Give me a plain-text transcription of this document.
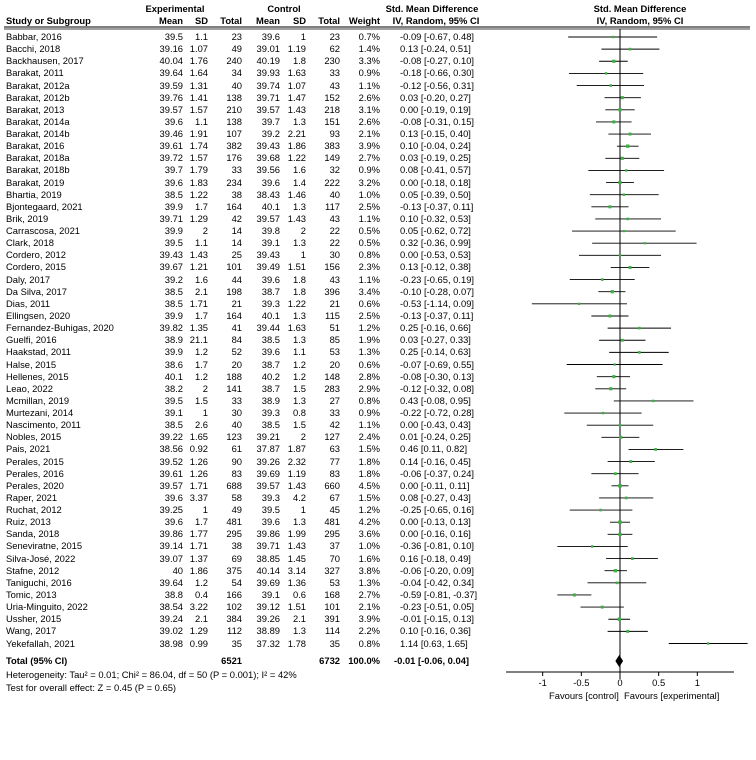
Experimental	Control	Std. Mean Difference	Std. Mean Difference
Study or Subgroup	Mean	SD	Total	Mean	SD	Total Weight	IV, Random, 95% CI	IV, Random, 95% CI
Babbar, 2016	39.5	1.1	23	39.6	1	23	0.7% -0.09 [-0.67, 0.48]
Bacchi, 2018	39.16 1.07	49	39.01 1.19	62	1.4% 0.13 [-0.24, 0.51]
Backhausen, 2017	40.04 1.76	240	40.19	1.8	230	3.3% -0.08 [-0.27, 0.10]
Barakat, 2011	39.64 1.64	34	39.93 1.63	33	0.9% -0.18 [-0.66, 0.30]
Barakat, 2012a	39.59 1.31	40	39.74 1.07	43	1.1% -0.12 [-0.56, 0.31]
Barakat, 2012b	39.76 1.41	138	39.71 1.47	152	2.6% 0.03 [-0.20, 0.27]
Barakat, 2013	39.57 1.57	210	39.57 1.43	218	3.1% 0.00 [-0.19, 0.19]
Barakat, 2014a	39.6	1.1	138	39.7	1.3	151	2.6% -0.08 [-0.31, 0.15]
Barakat, 2014b	39.46 1.91	107	39.2 2.21	93	2.1% 0.13 [-0.15, 0.40]
Barakat, 2016	39.61 1.74	382	39.43 1.86	383	3.9% 0.10 [-0.04, 0.24]
Barakat, 2018a	39.72 1.57	176	39.68 1.22	149	2.7% 0.03 [-0.19, 0.25]
Barakat, 2018b	39.7 1.79	33	39.56	1.6	32	0.9% 0.08 [-0.41, 0.57]
Barakat, 2019	39.6 1.83	234	39.6	1.4	222	3.2% 0.00 [-0.18, 0.18]
Bhartia, 2019	38.5 1.22	38	38.43 1.46	40	1.0% 0.05 [-0.39, 0.50]
Bjontegaard, 2021	39.9	1.7	164	40.1	1.3	117	2.5% -0.13 [-0.37, 0.11]
Brik, 2019	39.71 1.29	42	39.57 1.43	43	1.1% 0.10 [-0.32, 0.53]
Carrascosa, 2021	39.9	2	14	39.8	2	22	0.5% 0.05 [-0.62, 0.72]
Clark, 2018	39.5	1.1	14	39.1	1.3	22	0.5% 0.32 [-0.36, 0.99]
Cordero, 2012	39.43 1.43	25	39.43	1	30	0.8% 0.00 [-0.53, 0.53]
Cordero, 2015	39.67 1.21	101	39.49 1.51	156	2.3% 0.13 [-0.12, 0.38]
Daly, 2017	39.2	1.6	44	39.6	1.8	43	1.1% -0.23 [-0.65, 0.19]
Da Silva, 2017	38.5	2.1	198	38.7	1.8	396	3.4% -0.10 [-0.28, 0.07]
Dias, 2011	38.5 1.71	21	39.3 1.22	21	0.6% -0.53 [-1.14, 0.09]
Ellingsen, 2020	39.9	1.7	164	40.1	1.3	115	2.5% -0.13 [-0.37, 0.11]
Fernandez-Buhigas, 2020	39.82 1.35	41	39.44 1.63	51	1.2% 0.25 [-0.16, 0.66]
Guelfi, 2016	38.9 21.1	84	38.5	1.3	85	1.9% 0.03 [-0.27, 0.33]
Haakstad, 2011	39.9	1.2	52	39.6	1.1	53	1.3% 0.25 [-0.14, 0.63]
Halse, 2015	38.6	1.7	20	38.7	1.2	20	0.6% -0.07 [-0.69, 0.55]
Hellenes, 2015	40.1	1.2	188	40.2	1.2	148	2.8% -0.08 [-0.30, 0.13]
Leao, 2022	38.2	2	141	38.7	1.5	283	2.9% -0.12 [-0.32, 0.08]
Mcmillan, 2019	39.5	1.5	33	38.9	1.3	27	0.8% 0.43 [-0.08, 0.95]
Murtezani, 2014	39.1	1	30	39.3	0.8	33	0.9% -0.22 [-0.72, 0.28]
Nascimento, 2011	38.5	2.6	40	38.5	1.5	42	1.1% 0.00 [-0.43, 0.43]
Nobles, 2015	39.22 1.65	123	39.21	2	127	2.4% 0.01 [-0.24, 0.25]
Pais, 2021	38.56 0.92	61	37.87 1.87	63	1.5% 0.46 [0.11, 0.82]
Perales, 2015	39.52 1.26	90	39.26 2.32	77	1.8% 0.14 [-0.16, 0.45]
Perales, 2016	39.61 1.26	83	39.69 1.19	83	1.8% -0.06 [-0.37, 0.24]
Perales, 2020	39.57 1.71	688	39.57 1.43	660	4.5% 0.00 [-0.11, 0.11]
Raper, 2021	39.6 3.37	58	39.3	4.2	67	1.5% 0.08 [-0.27, 0.43]
Ruchat, 2012	39.25	1	49	39.5	1	45	1.2% -0.25 [-0.65, 0.16]
Ruiz, 2013	39.6	1.7	481	39.6	1.3	481	4.2% 0.00 [-0.13, 0.13]
Sanda, 2018	39.86 1.77	295	39.86 1.99	295	3.6% 0.00 [-0.16, 0.16]
Seneviratne, 2015	39.14 1.71	38	39.71 1.43	37	1.0% -0.36 [-0.81, 0.10]
Silva-José, 2022	39.07 1.37	69	38.85 1.45	70	1.6% 0.16 [-0.18, 0.49]
Stafne, 2012	40 1.86	375	40.14 3.14	327	3.8% -0.06 [-0.20, 0.09]
Taniguchi, 2016	39.64	1.2	54	39.69 1.36	53	1.3% -0.04 [-0.42, 0.34]
Tomic, 2013	38.8	0.4	166	39.1	0.6	168	2.7% -0.59 [-0.81, -0.37]
Uria-Minguito, 2022	38.54 3.22	102	39.12 1.51	101	2.1% -0.23 [-0.51, 0.05]
Ussher, 2015	39.24	2.1	384	39.26	2.1	391	3.9% -0.01 [-0.15, 0.13]
Wang, 2017	39.02 1.29	112	38.89	1.3	114	2.2% 0.10 [-0.16, 0.36]
Yekefallah, 2021	38.98 0.99	35	37.32 1.78	35	0.8% 1.14 [0.63, 1.65]
Total (95% CI)	6521	6732 100.0% -0.01 [-0.06, 0.04]
Heterogeneity: Tau² = 0.01; Chi² = 86.04, df = 50 (P = 0.001); I² = 42%
Test for overall effect: Z = 0.45 (P = 0.65)	-1	-0.5	0	0.5	1
Favours [control] Favours [experimental]
